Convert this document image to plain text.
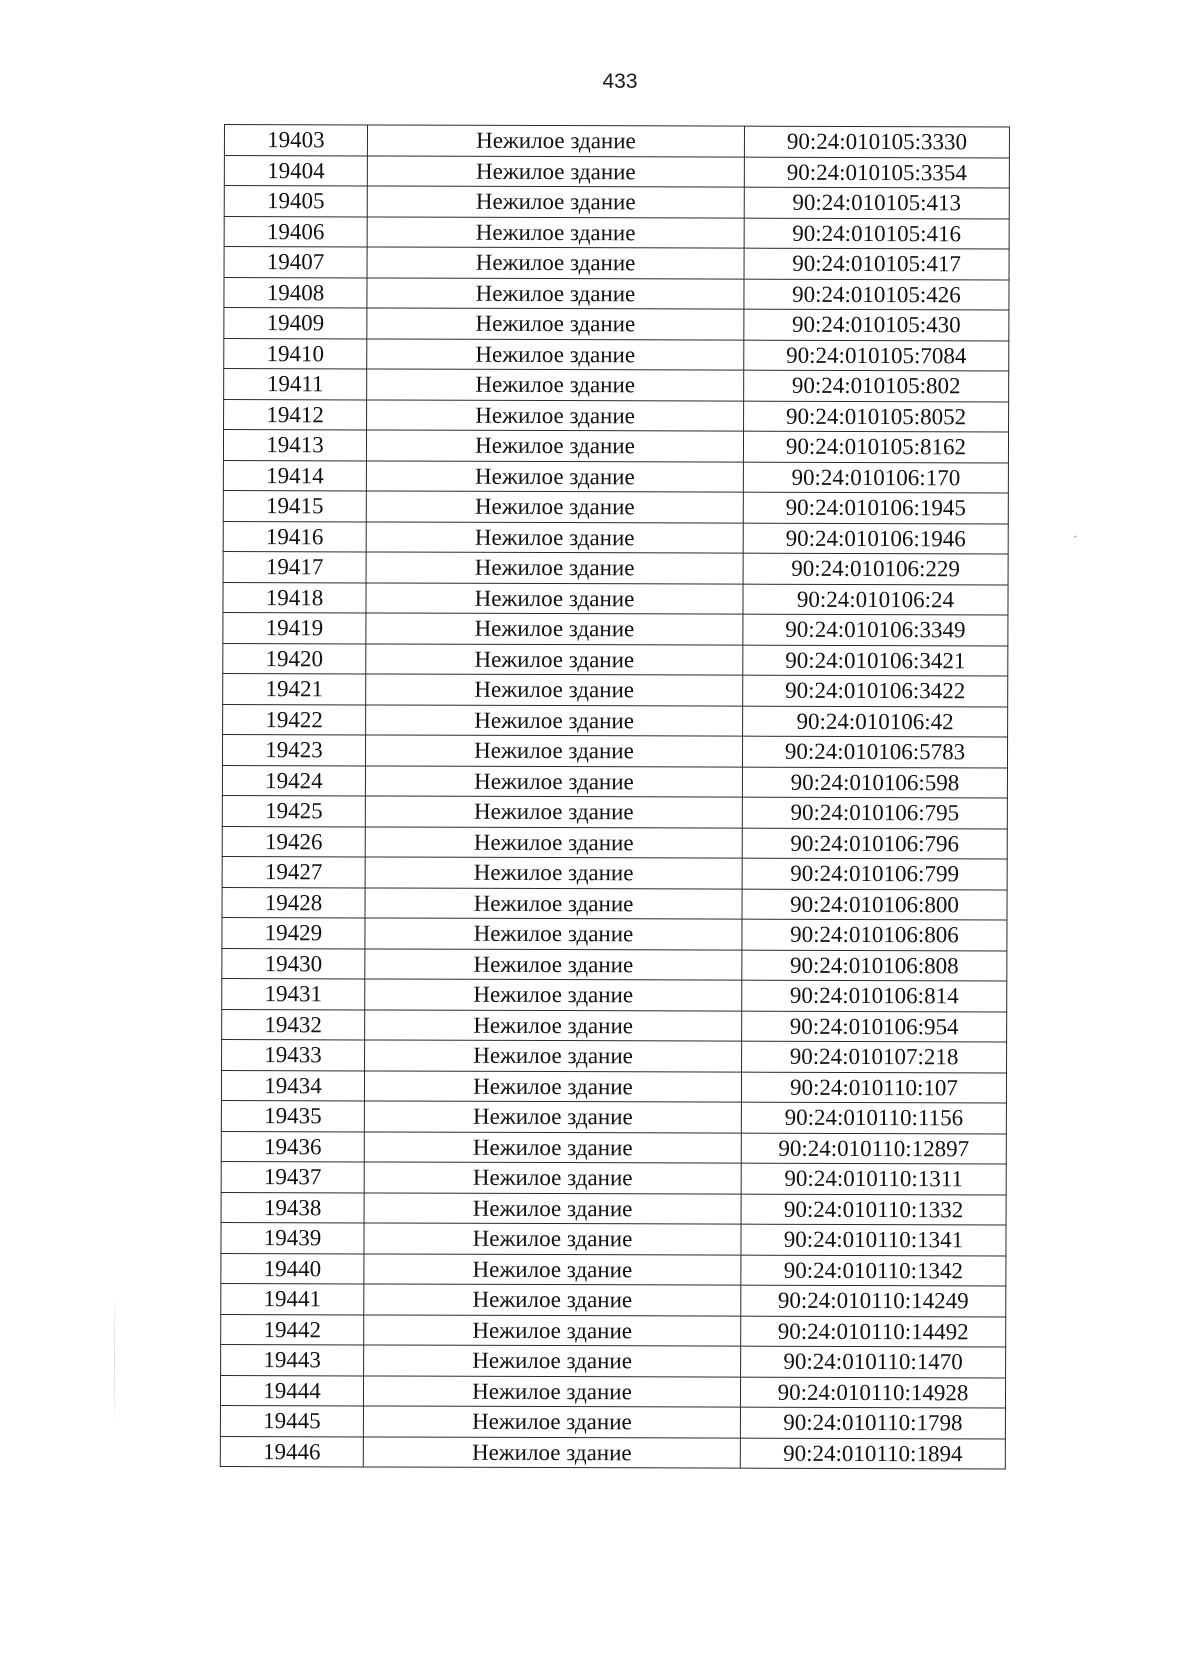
433
19403	Нежилое здание	90:24:010105:3330
19404	Нежилое здание	90:24:010105:3354
19405	Нежилое здание	90:24:010105:413
19406	Нежилое здание	90:24:010105:416
19407	Нежилое здание	90:24:010105:417
19408	Нежилое здание	90:24:010105:426
19409	Нежилое здание	90:24:010105:430
19410	Нежилое здание	90:24:010105:7084
19411	Нежилое здание	90:24:010105:802
19412	Нежилое здание	90:24:010105:8052
19413	Нежилое здание	90:24:010105:8162
19414	Нежилое здание	90:24:010106:170
19415	Нежилое здание	90:24:010106:1945
19416	Нежилое здание	90:24:010106:1946
19417	Нежилое здание	90:24:010106:229
19418	Нежилое здание	90:24:010106:24
19419	Нежилое здание	90:24:010106:3349
19420	Нежилое здание	90:24:010106:3421
19421	Нежилое здание	90:24:010106:3422
19422	Нежилое здание	90:24:010106:42
19423	Нежилое здание	90:24:010106:5783
19424	Нежилое здание	90:24:010106:598
19425	Нежилое здание	90:24:010106:795
19426	Нежилое здание	90:24:010106:796
19427	Нежилое здание	90:24:010106:799
19428	Нежилое здание	90:24:010106:800
19429	Нежилое здание	90:24:010106:806
19430	Нежилое здание	90:24:010106:808
19431	Нежилое здание	90:24:010106:814
19432	Нежилое здание	90:24:010106:954
19433	Нежилое здание	90:24:010107:218
19434	Нежилое здание	90:24:010110:107
19435	Нежилое здание	90:24:010110:1156
19436	Нежилое здание	90:24:010110:12897
19437	Нежилое здание	90:24:010110:1311
19438	Нежилое здание	90:24:010110:1332
19439	Нежилое здание	90:24:010110:1341
19440	Нежилое здание	90:24:010110:1342
19441	Нежилое здание	90:24:010110:14249
19442	Нежилое здание	90:24:010110:14492
19443	Нежилое здание	90:24:010110:1470
19444	Нежилое здание	90:24:010110:14928
19445	Нежилое здание	90:24:010110:1798
19446	Нежилое здание	90:24:010110:1894
